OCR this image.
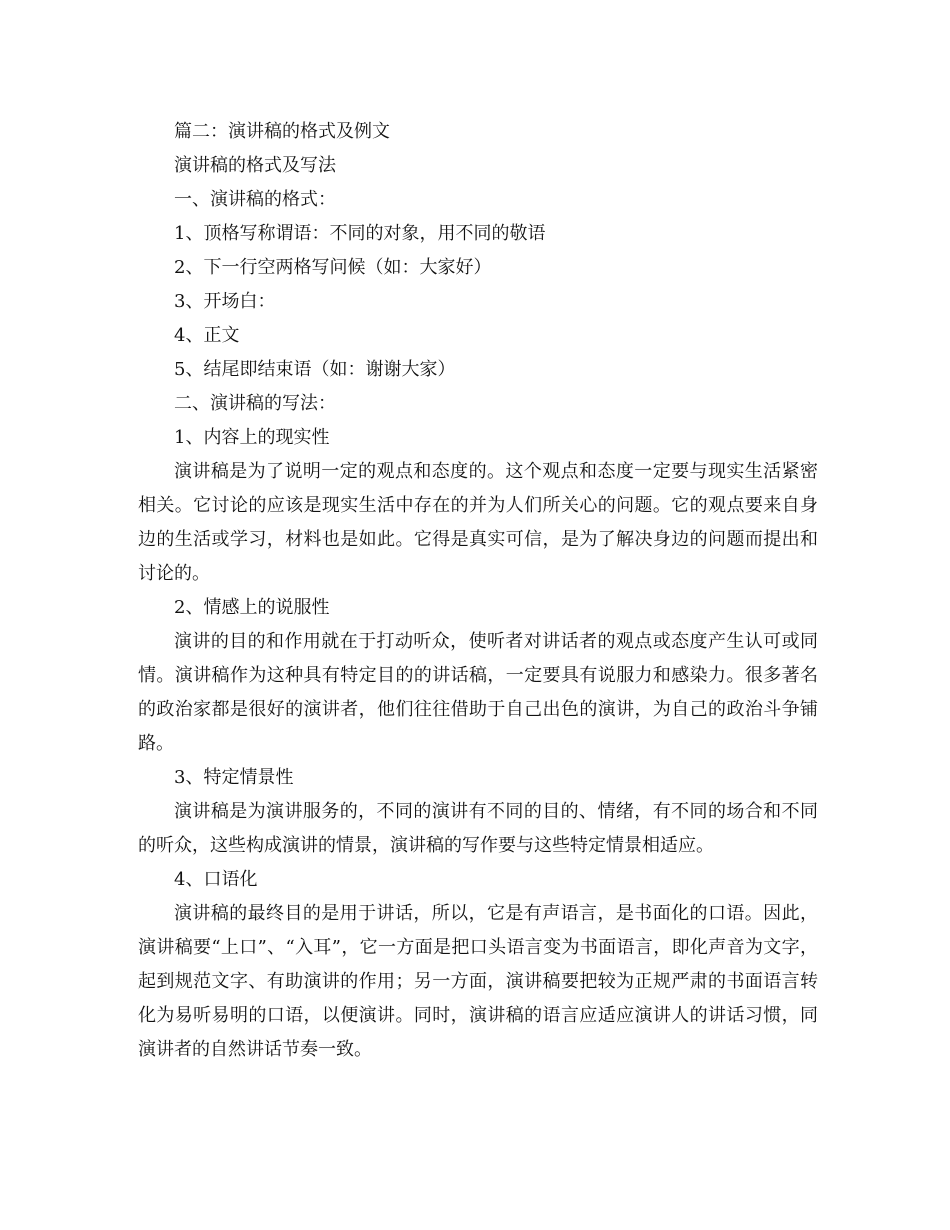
篇二：演讲稿的格式及例文

演讲稿的格式及写法

一、演讲稿的格式：

1、顶格写称谓语：不同的对象，用不同的敬语

2、下一行空两格写问候（如：大家好）

3、开场白：

4、正文

5、结尾即结束语（如：谢谢大家）

二、演讲稿的写法：

1、内容上的现实性

演讲稿是为了说明一定的观点和态度的。这个观点和态度一定要与现实生活紧密相关。它讨论的应该是现实生活中存在的并为人们所关心的问题。它的观点要来自身边的生活或学习，材料也是如此。它得是真实可信，是为了解决身边的问题而提出和讨论的。

2、情感上的说服性

演讲的目的和作用就在于打动听众，使听者对讲话者的观点或态度产生认可或同情。演讲稿作为这种具有特定目的的讲话稿，一定要具有说服力和感染力。很多著名的政治家都是很好的演讲者，他们往往借助于自己出色的演讲，为自己的政治斗争铺路。

3、特定情景性

演讲稿是为演讲服务的，不同的演讲有不同的目的、情绪，有不同的场合和不同的听众，这些构成演讲的情景，演讲稿的写作要与这些特定情景相适应。

4、口语化

演讲稿的最终目的是用于讲话，所以，它是有声语言，是书面化的口语。因此，演讲稿要“上口”、“入耳”，它一方面是把口头语言变为书面语言，即化声音为文字，起到规范文字、有助演讲的作用；另一方面，演讲稿要把较为正规严肃的书面语言转化为易听易明的口语，以便演讲。同时，演讲稿的语言应适应演讲人的讲话习惯，同演讲者的自然讲话节奏一致。
